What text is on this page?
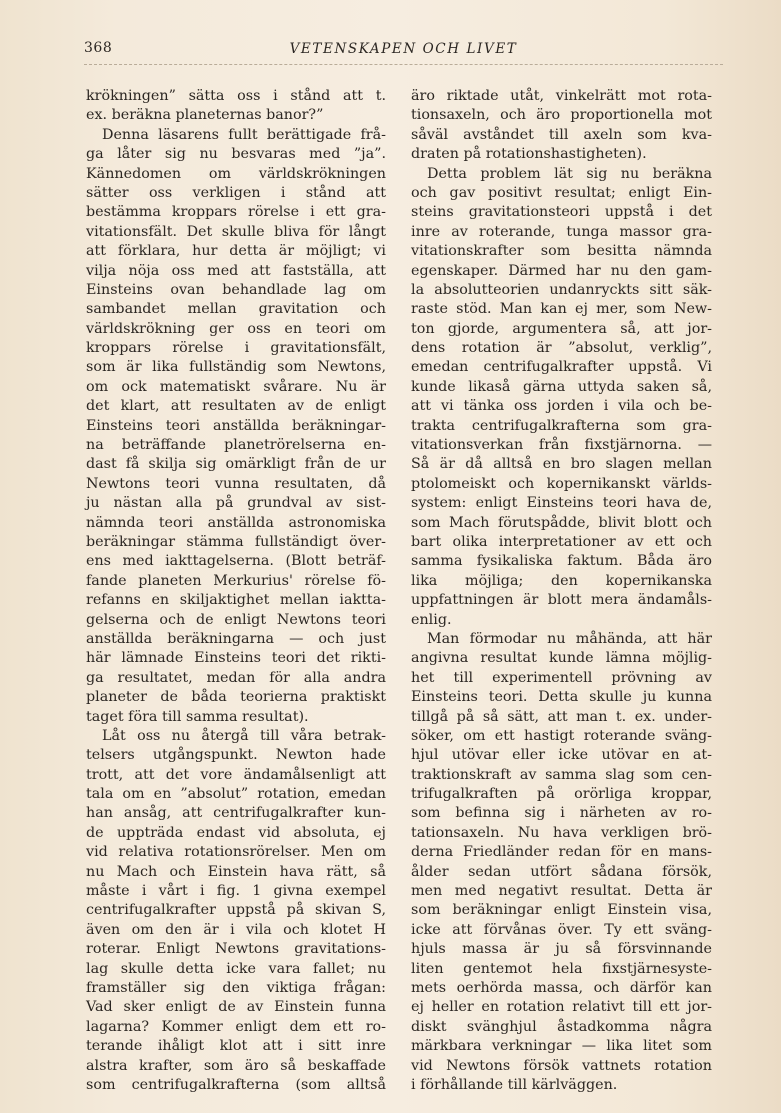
368	VETENSKAPEN OCH LIVET
krökningen” sätta oss i stånd att t.
ex. beräkna planeternas banor?”
Denna läsarens fullt berättigade frå-
ga låter sig nu besvaras med ”ja”.
Kännedomen om världskrökningen
sätter oss verkligen i stånd att
bestämma kroppars rörelse i ett gra-
vitationsfält. Det skulle bliva för långt
att förklara, hur detta är möjligt; vi
vilja nöja oss med att fastställa, att
Einsteins ovan behandlade lag om
sambandet mellan gravitation och
världskrökning ger oss en teori om
kroppars rörelse i gravitationsfält,
som är lika fullständig som Newtons,
om ock matematiskt svårare. Nu är
det klart, att resultaten av de enligt
Einsteins teori anställda beräkningar-
na beträffande planetrörelserna en-
dast få skilja sig omärkligt från de ur
Newtons teori vunna resultaten, då
ju nästan alla på grundval av sist-
nämnda teori anställda astronomiska
beräkningar stämma fullständigt över-
ens med iakttagelserna. (Blott beträf-
fande planeten Merkurius' rörelse fö-
refanns en skiljaktighet mellan iaktta-
gelserna och de enligt Newtons teori
anställda beräkningarna — och just
här lämnade Einsteins teori det rikti-
ga resultatet, medan för alla andra
planeter de båda teorierna praktiskt
taget föra till samma resultat).
Låt oss nu återgå till våra betrak-
telsers utgångspunkt. Newton hade
trott, att det vore ändamålsenligt att
tala om en ”absolut” rotation, emedan
han ansåg, att centrifugalkrafter kun-
de uppträda endast vid absoluta, ej
vid relativa rotationsrörelser. Men om
nu Mach och Einstein hava rätt, så
måste i vårt i fig. 1 givna exempel
centrifugalkrafter uppstå på skivan S,
även om den är i vila och klotet H
roterar. Enligt Newtons gravitations-
lag skulle detta icke vara fallet; nu
framställer sig den viktiga frågan:
Vad sker enligt de av Einstein funna
lagarna? Kommer enligt dem ett ro-
terande ihåligt klot att i sitt inre
alstra krafter, som äro så beskaffade
som centrifugalkrafterna (som alltså
äro riktade utåt, vinkelrätt mot rota-
tionsaxeln, och äro proportionella mot
såväl avståndet till axeln som kva-
draten på rotationshastigheten).
Detta problem lät sig nu beräkna
och gav positivt resultat; enligt Ein-
steins gravitationsteori uppstå i det
inre av roterande, tunga massor gra-
vitationskrafter som besitta nämnda
egenskaper. Därmed har nu den gam-
la absolutteorien undanryckts sitt säk-
raste stöd. Man kan ej mer, som New-
ton gjorde, argumentera så, att jor-
dens rotation är ”absolut, verklig”,
emedan centrifugalkrafter uppstå. Vi
kunde likaså gärna uttyda saken så,
att vi tänka oss jorden i vila och be-
trakta centrifugalkrafterna som gra-
vitationsverkan från fixstjärnorna. —
Så är då alltså en bro slagen mellan
ptolomeiskt och kopernikanskt världs-
system: enligt Einsteins teori hava de,
som Mach förutspådde, blivit blott och
bart olika interpretationer av ett och
samma fysikaliska faktum. Båda äro
lika möjliga; den kopernikanska
uppfattningen är blott mera ändamåls-
enlig.
Man förmodar nu måhända, att här
angivna resultat kunde lämna möjlig-
het till experimentell prövning av
Einsteins teori. Detta skulle ju kunna
tillgå på så sätt, att man t. ex. under-
söker, om ett hastigt roterande sväng-
hjul utövar eller icke utövar en at-
traktionskraft av samma slag som cen-
trifugalkraften på orörliga kroppar,
som befinna sig i närheten av ro-
tationsaxeln. Nu hava verkligen brö-
derna Friedländer redan för en mans-
ålder sedan utfört sådana försök,
men med negativt resultat. Detta är
som beräkningar enligt Einstein visa,
icke att förvånas över. Ty ett sväng-
hjuls massa är ju så försvinnande
liten gentemot hela fixstjärnesyste-
mets oerhörda massa, och därför kan
ej heller en rotation relativt till ett jor-
diskt svänghjul åstadkomma några
märkbara verkningar — lika litet som
vid Newtons försök vattnets rotation
i förhållande till kärlväggen.
